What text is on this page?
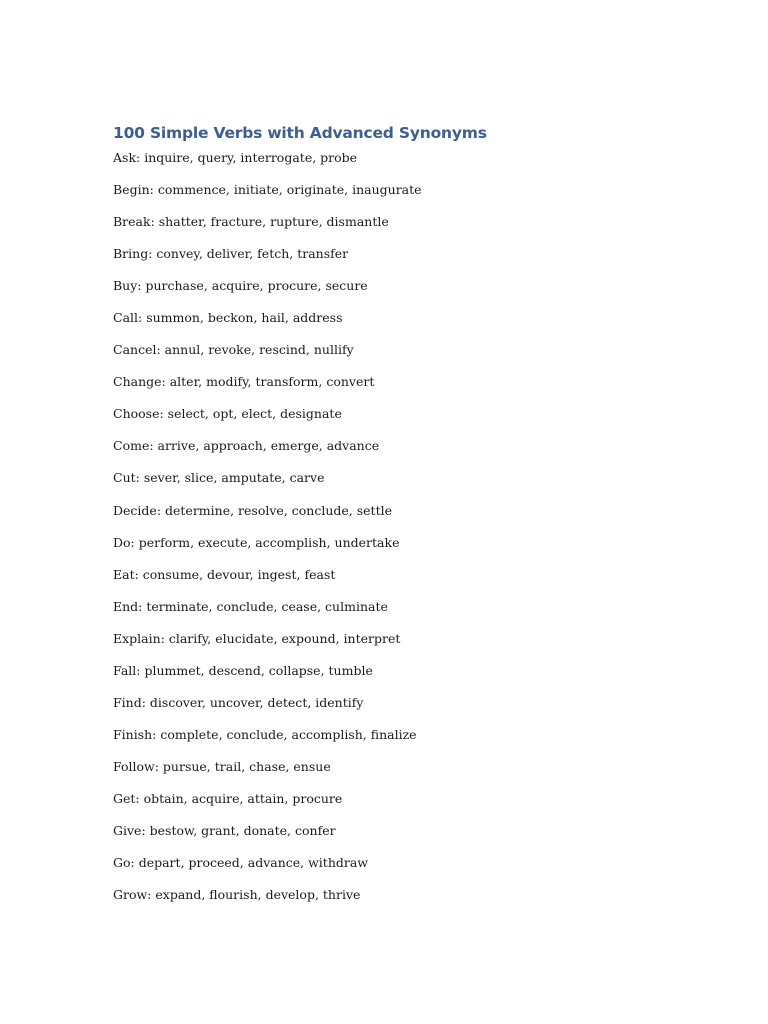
100 Simple Verbs with Advanced Synonyms
Ask: inquire, query, interrogate, probe
Begin: commence, initiate, originate, inaugurate
Break: shatter, fracture, rupture, dismantle
Bring: convey, deliver, fetch, transfer
Buy: purchase, acquire, procure, secure
Call: summon, beckon, hail, address
Cancel: annul, revoke, rescind, nullify
Change: alter, modify, transform, convert
Choose: select, opt, elect, designate
Come: arrive, approach, emerge, advance
Cut: sever, slice, amputate, carve
Decide: determine, resolve, conclude, settle
Do: perform, execute, accomplish, undertake
Eat: consume, devour, ingest, feast
End: terminate, conclude, cease, culminate
Explain: clarify, elucidate, expound, interpret
Fall: plummet, descend, collapse, tumble
Find: discover, uncover, detect, identify
Finish: complete, conclude, accomplish, finalize
Follow: pursue, trail, chase, ensue
Get: obtain, acquire, attain, procure
Give: bestow, grant, donate, confer
Go: depart, proceed, advance, withdraw
Grow: expand, flourish, develop, thrive
